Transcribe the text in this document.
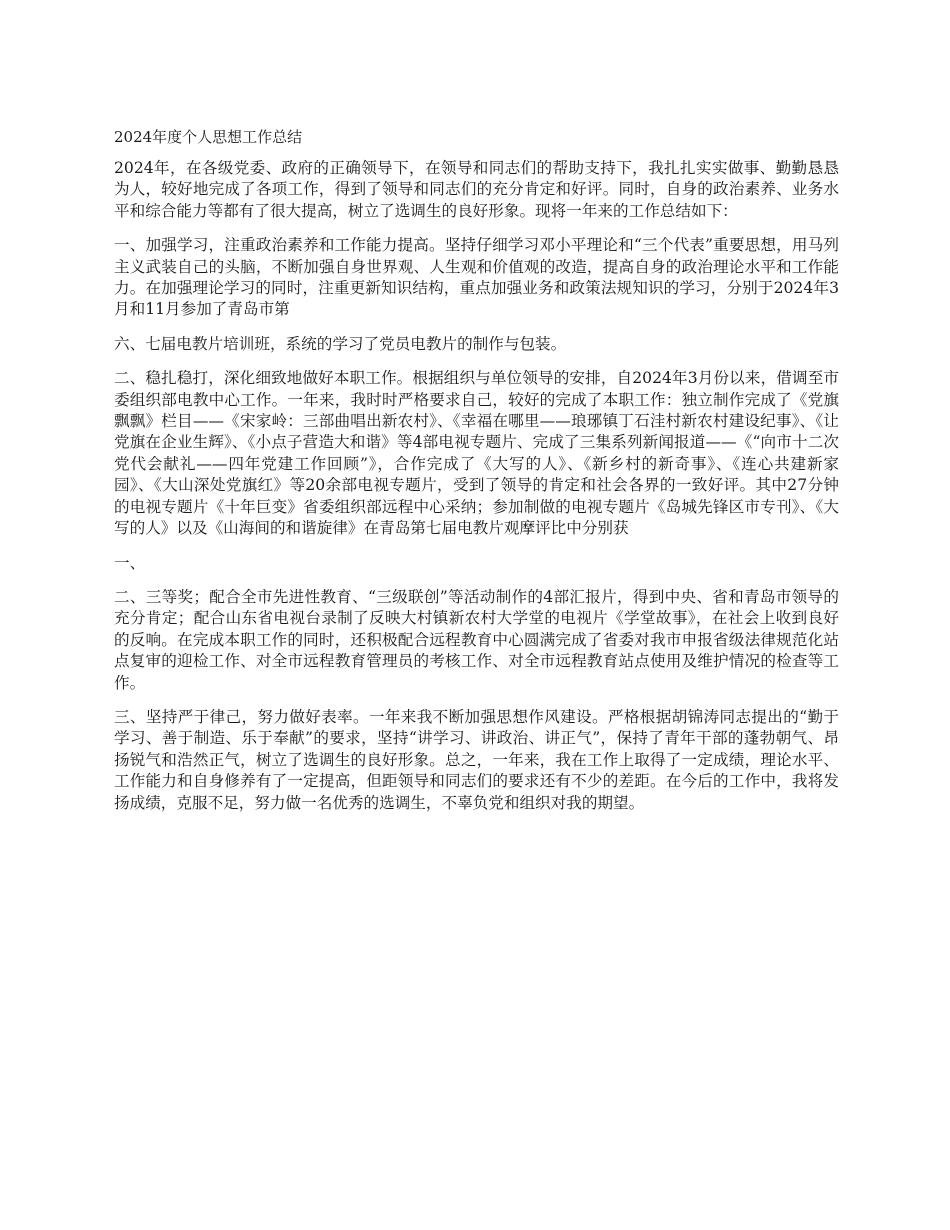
2024年度个人思想工作总结

2024年，在各级党委、政府的正确领导下，在领导和同志们的帮助支持下，我扎扎实实做事、勤勤恳恳为人，较好地完成了各项工作，得到了领导和同志们的充分肯定和好评。同时，自身的政治素养、业务水平和综合能力等都有了很大提高，树立了选调生的良好形象。现将一年来的工作总结如下：

一、加强学习，注重政治素养和工作能力提高。坚持仔细学习邓小平理论和“三个代表”重要思想，用马列主义武装自己的头脑，不断加强自身世界观、人生观和价值观的改造，提高自身的政治理论水平和工作能力。在加强理论学习的同时，注重更新知识结构，重点加强业务和政策法规知识的学习，分别于2024年3月和11月参加了青岛市第

六、七届电教片培训班，系统的学习了党员电教片的制作与包装。

二、稳扎稳打，深化细致地做好本职工作。根据组织与单位领导的安排，自2024年3月份以来，借调至市委组织部电教中心工作。一年来，我时时严格要求自己，较好的完成了本职工作：独立制作完成了《党旗飘飘》栏目——《宋家岭：三部曲唱出新农村》、《幸福在哪里——琅琊镇丁石洼村新农村建设纪事》、《让党旗在企业生辉》、《小点子营造大和谐》等4部电视专题片、完成了三集系列新闻报道——《“向市十二次党代会献礼——四年党建工作回顾”》，合作完成了《大写的人》、《新乡村的新奇事》、《连心共建新家园》、《大山深处党旗红》等20余部电视专题片，受到了领导的肯定和社会各界的一致好评。其中27分钟的电视专题片《十年巨变》省委组织部远程中心采纳；参加制做的电视专题片《岛城先锋区市专刊》、《大写的人》以及《山海间的和谐旋律》在青岛第七届电教片观摩评比中分别获

一、

二、三等奖；配合全市先进性教育、“三级联创”等活动制作的4部汇报片，得到中央、省和青岛市领导的充分肯定；配合山东省电视台录制了反映大村镇新农村大学堂的电视片《学堂故事》，在社会上收到良好的反响。在完成本职工作的同时，还积极配合远程教育中心圆满完成了省委对我市申报省级法律规范化站点复审的迎检工作、对全市远程教育管理员的考核工作、对全市远程教育站点使用及维护情况的检查等工作。

三、坚持严于律己，努力做好表率。一年来我不断加强思想作风建设。严格根据胡锦涛同志提出的“勤于学习、善于制造、乐于奉献”的要求，坚持“讲学习、讲政治、讲正气”，保持了青年干部的蓬勃朝气、昂扬锐气和浩然正气，树立了选调生的良好形象。总之，一年来，我在工作上取得了一定成绩，理论水平、工作能力和自身修养有了一定提高，但距领导和同志们的要求还有不少的差距。在今后的工作中，我将发扬成绩，克服不足，努力做一名优秀的选调生，不辜负党和组织对我的期望。
